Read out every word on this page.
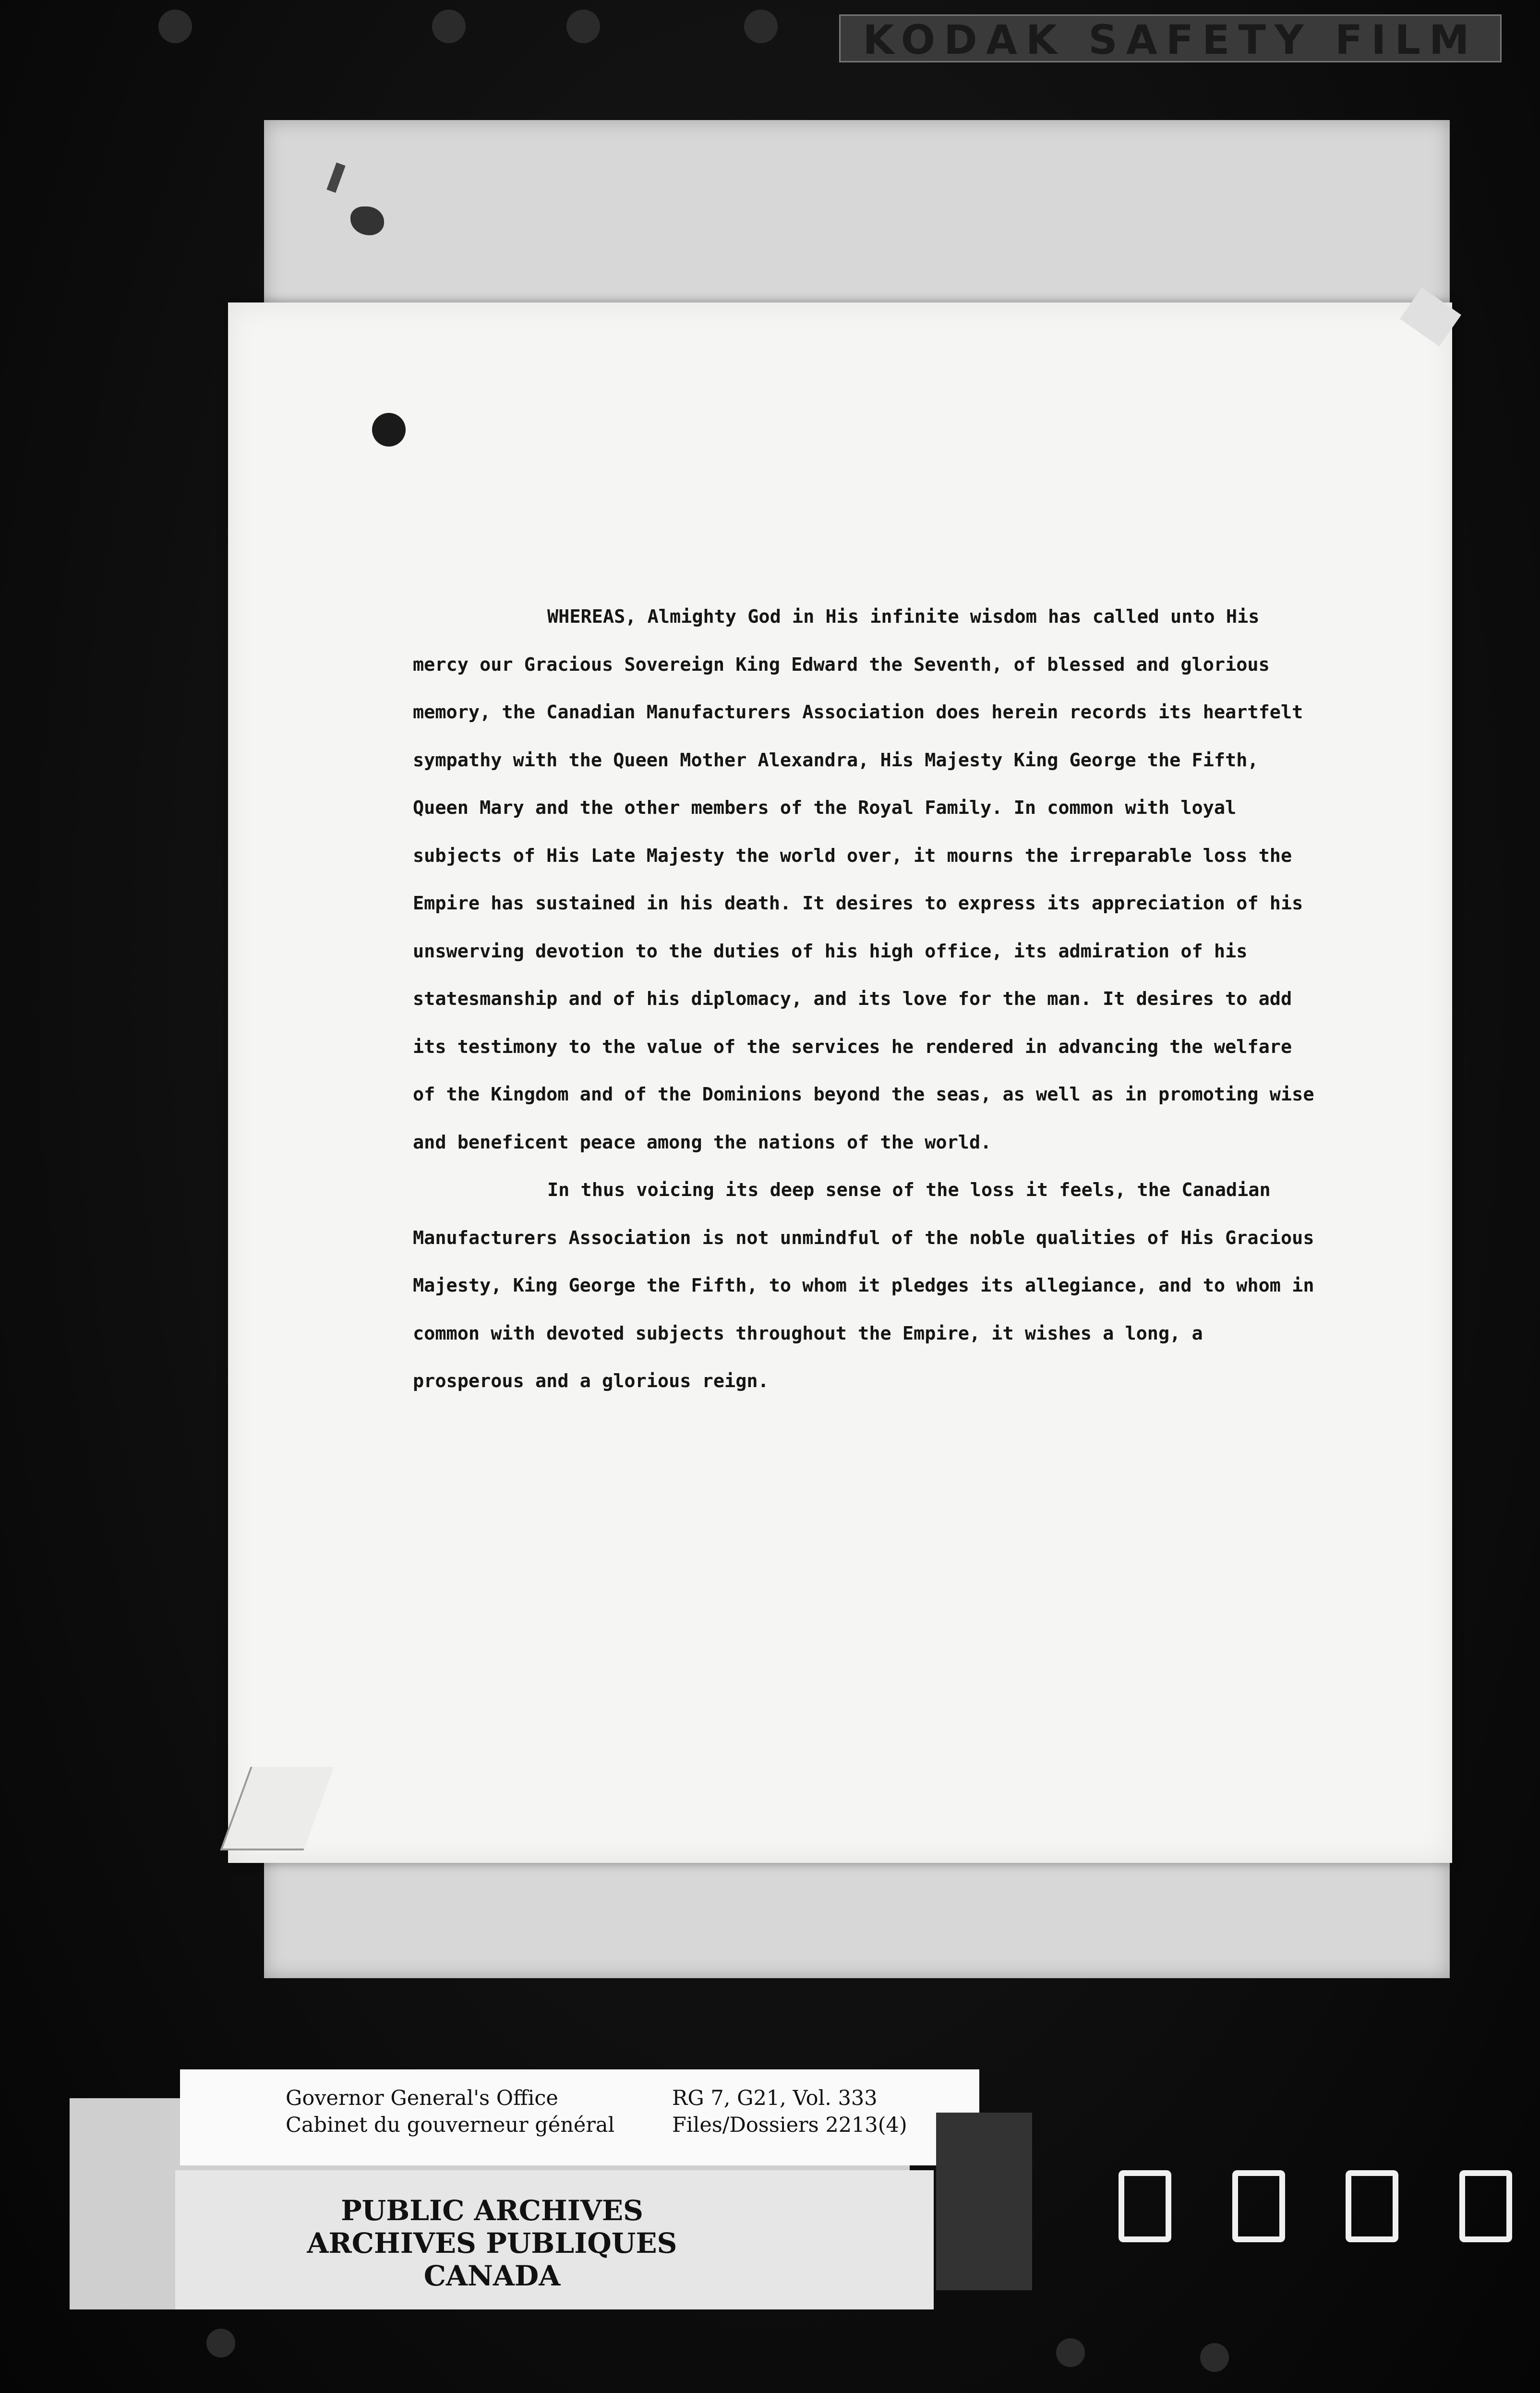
KODAK SAFETY FILM

WHEREAS, Almighty God in His infinite wisdom has called unto His mercy our Gracious Sovereign King Edward the Seventh, of blessed and glorious memory, the Canadian Manufacturers Association does herein records its heartfelt sympathy with the Queen Mother Alexandra, His Majesty King George the Fifth, Queen Mary and the other members of the Royal Family. In common with loyal subjects of His Late Majesty the world over, it mourns the irreparable loss the Empire has sustained in his death. It desires to express its appreciation of his unswerving devotion to the duties of his high office, its admiration of his statesmanship and of his diplomacy, and its love for the man. It desires to add its testimony to the value of the services he rendered in advancing the welfare of the Kingdom and of the Dominions beyond the seas, as well as in promoting wise and beneficent peace among the nations of the world.

In thus voicing its deep sense of the loss it feels, the Canadian Manufacturers Association is not unmindful of the noble qualities of His Gracious Majesty, King George the Fifth, to whom it pledges its allegiance, and to whom in common with devoted subjects throughout the Empire, it wishes a long, a prosperous and a glorious reign.

Governor General's Office
Cabinet du gouverneur général
RG 7, G21, Vol. 333
Files/Dossiers 2213(4)
PUBLIC ARCHIVES
ARCHIVES PUBLIQUES
CANADA
